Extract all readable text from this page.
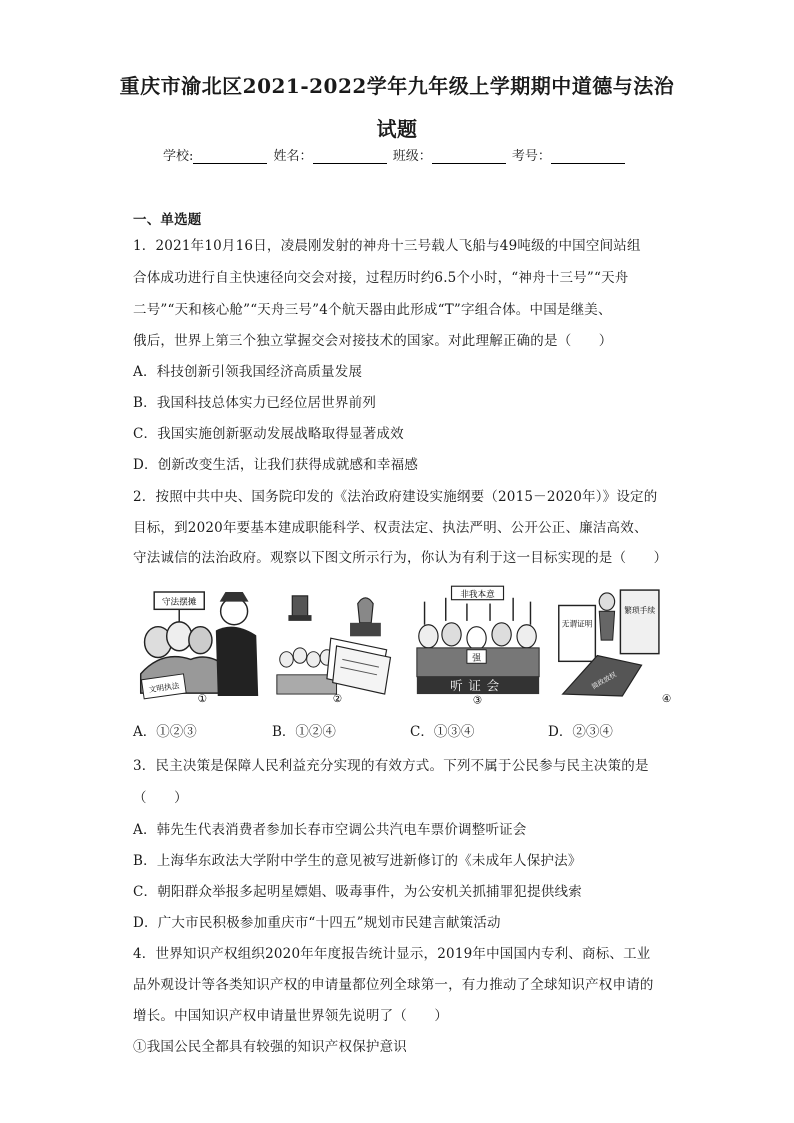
重庆市渝北区2021-2022学年九年级上学期期中道德与法治
试题
学校:	姓名：	班级：	考号：
一、单选题
1．2021年10月16日，凌晨刚发射的神舟十三号载人飞船与49吨级的中国空间站组
合体成功进行自主快速径向交会对接，过程历时约6.5个小时，“神舟十三号”“天舟
二号”“天和核心舱”“天舟三号”4个航天器由此形成“T”字组合体。中国是继美、
俄后，世界上第三个独立掌握交会对接技术的国家。对此理解正确的是（　　）
A．科技创新引领我国经济高质量发展
B．我国科技总体实力已经位居世界前列
C．我国实施创新驱动发展战略取得显著成效
D．创新改变生活，让我们获得成就感和幸福感
2．按照中共中央、国务院印发的《法治政府建设实施纲要（2015－2020年）》设定的
目标，到2020年要基本建成职能科学、权责法定、执法严明、公开公正、廉洁高效、
守法诚信的法治政府。观察以下图文所示行为，你认为有利于这一目标实现的是（　　）
守法摆摊
文明执法
①	②
非我本意
强
听证会
③
无谓证明
繁琐手续
简政放权
④
A．①②③	B．①②④	C．①③④	D．②③④
3．民主决策是保障人民利益充分实现的有效方式。下列不属于公民参与民主决策的是
（　　）
A．韩先生代表消费者参加长春市空调公共汽电车票价调整听证会
B．上海华东政法大学附中学生的意见被写进新修订的《未成年人保护法》
C．朝阳群众举报多起明星嫖娼、吸毒事件，为公安机关抓捕罪犯提供线索
D．广大市民积极参加重庆市“十四五”规划市民建言献策活动
4．世界知识产权组织2020年年度报告统计显示，2019年中国国内专利、商标、工业
品外观设计等各类知识产权的申请量都位列全球第一，有力推动了全球知识产权申请的
增长。中国知识产权申请量世界领先说明了（　　）
①我国公民全都具有较强的知识产权保护意识
